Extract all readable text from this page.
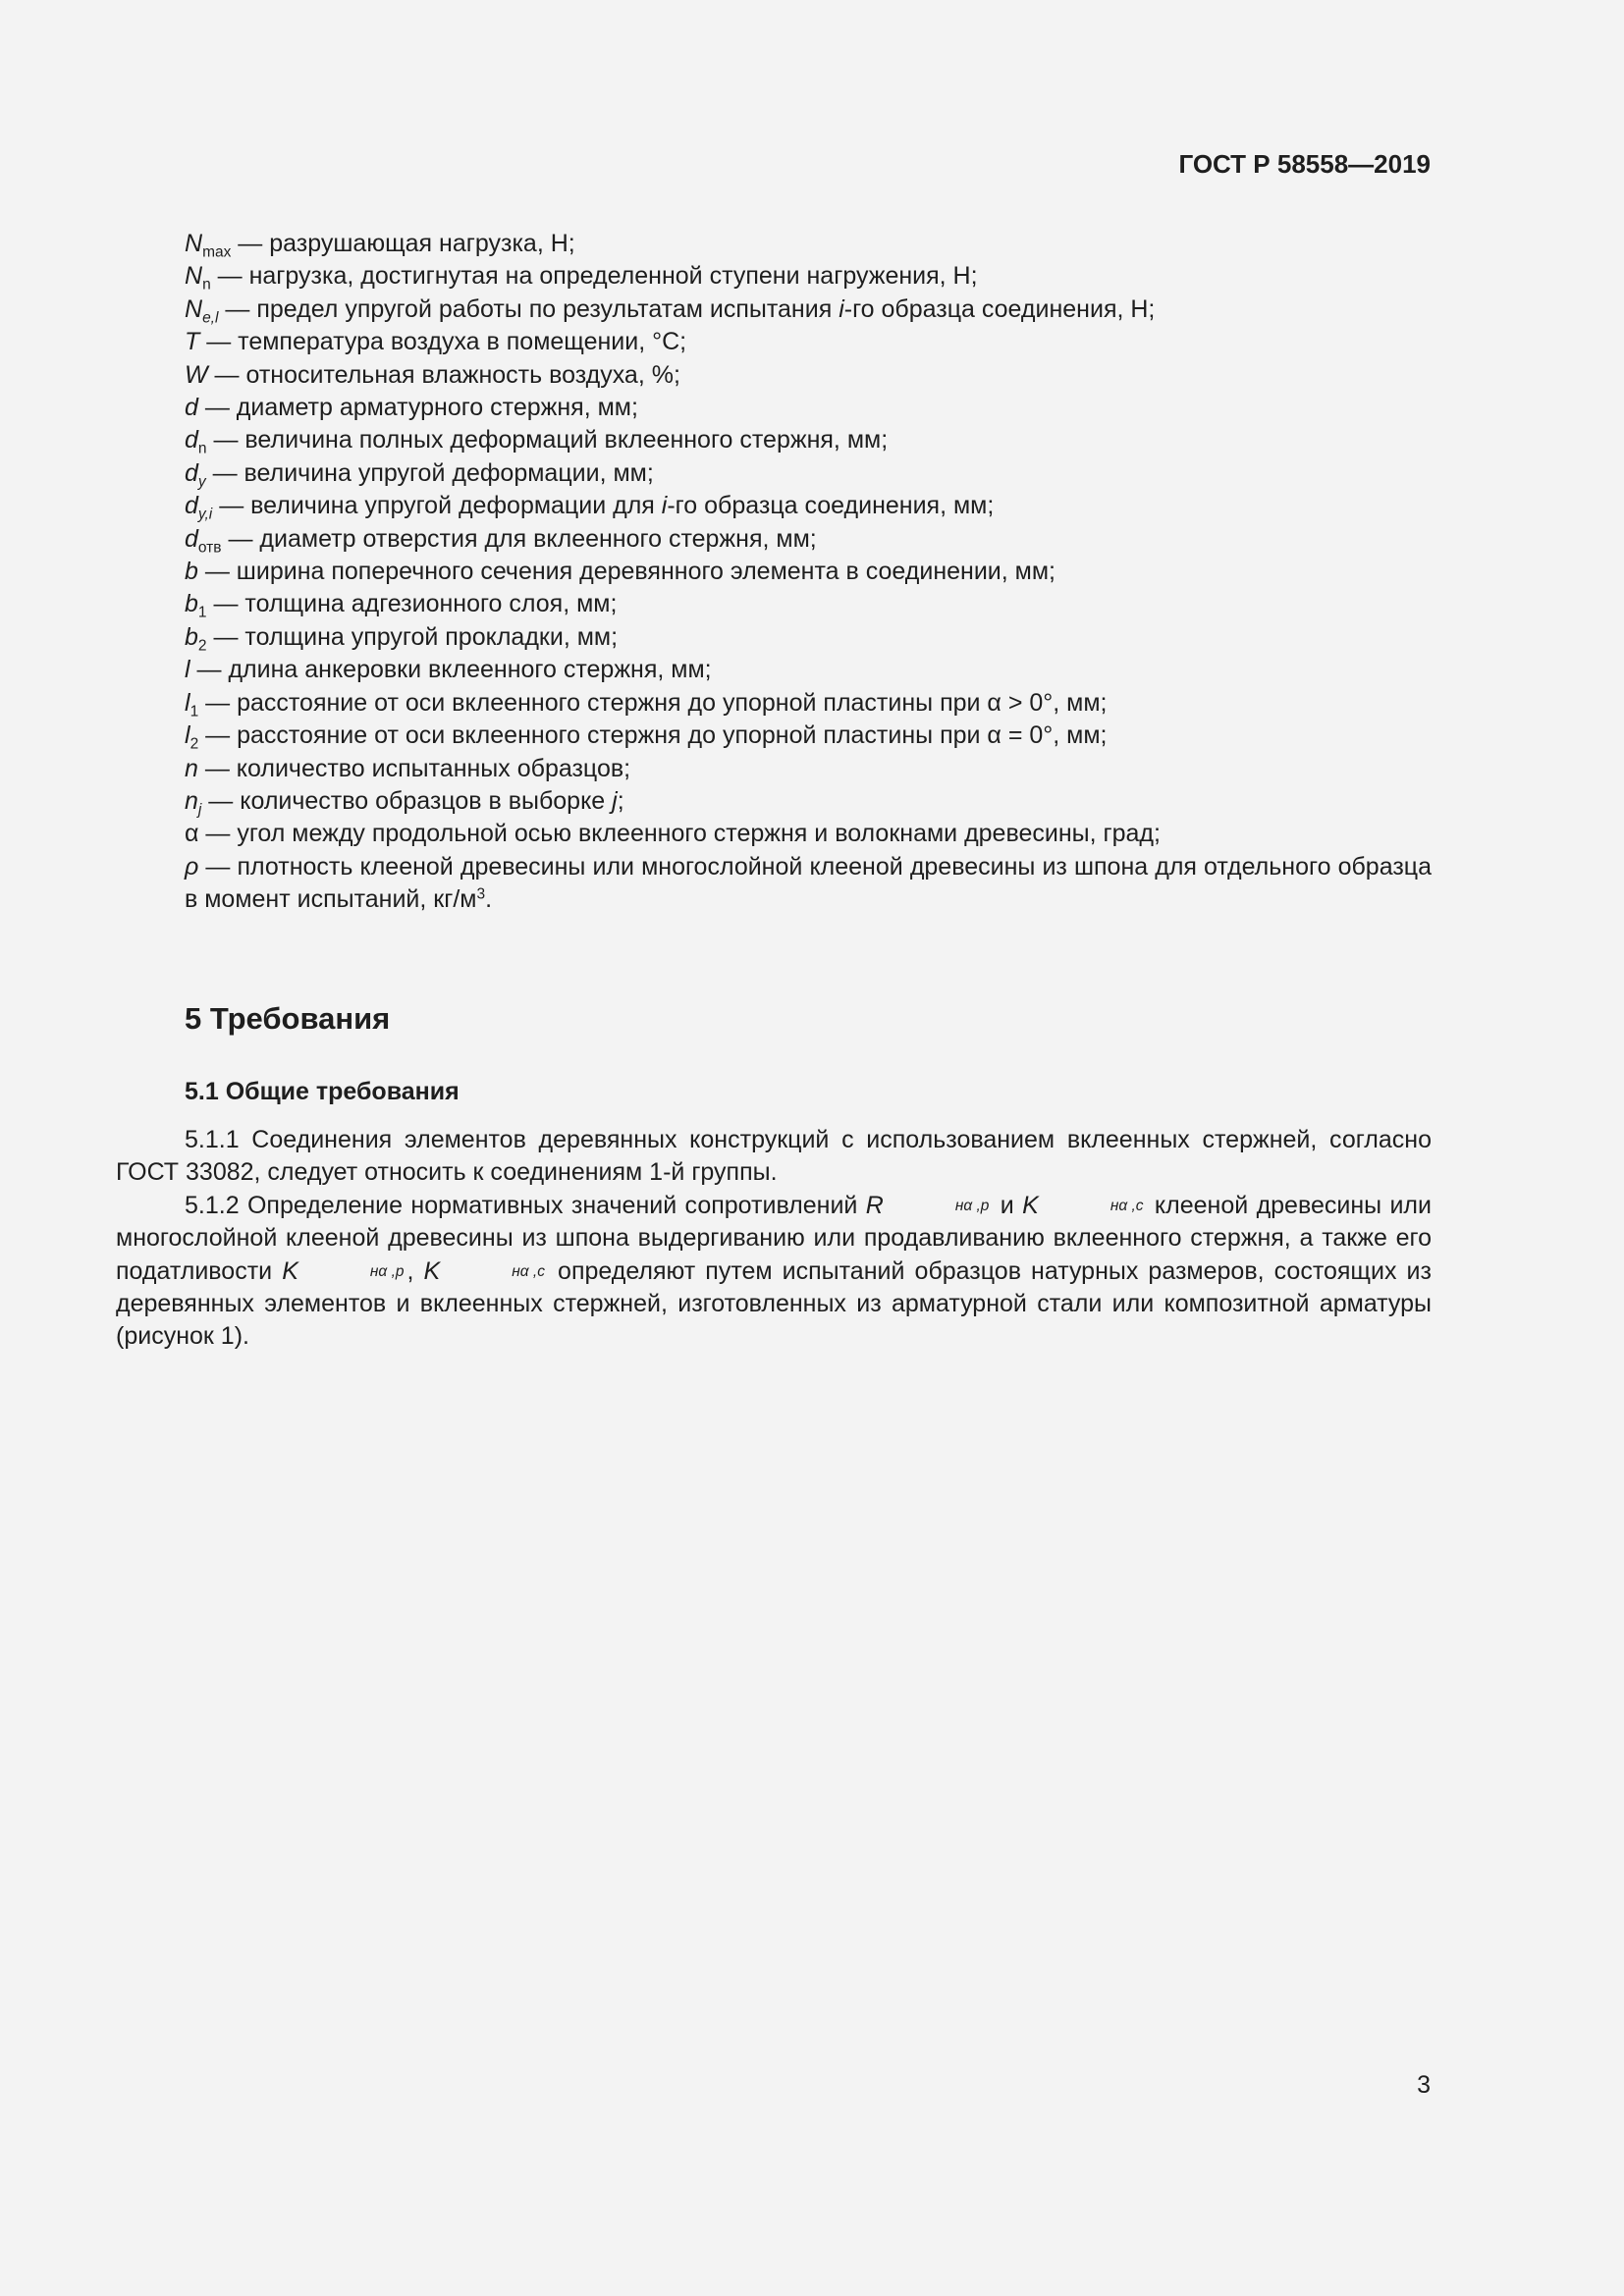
ГОСТ Р 58558—2019
$N_{max}$ — разрушающая нагрузка, Н;
$N_n$ — нагрузка, достигнутая на определенной ступени нагружения, Н;
$N_{e,l}$ — предел упругой работы по результатам испытания i-го образца соединения, Н;
T — температура воздуха в помещении, °С;
W — относительная влажность воздуха, %;
d — диаметр арматурного стержня, мм;
$d_n$ — величина полных деформаций вклеенного стержня, мм;
$d_y$ — величина упругой деформации, мм;
$d_{y,i}$ — величина упругой деформации для i-го образца соединения, мм;
$d_{отв}$ — диаметр отверстия для вклеенного стержня, мм;
b — ширина поперечного сечения деревянного элемента в соединении, мм;
$b_1$ — толщина адгезионного слоя, мм;
$b_2$ — толщина упругой прокладки, мм;
l — длина анкеровки вклеенного стержня, мм;
$l_1$ — расстояние от оси вклеенного стержня до упорной пластины при α > 0°, мм;
$l_2$ — расстояние от оси вклеенного стержня до упорной пластины при α = 0°, мм;
n — количество испытанных образцов;
$n_j$ — количество образцов в выборке j;
α — угол между продольной осью вклеенного стержня и волокнами древесины, град;
ρ — плотность клееной древесины или многослойной клееной древесины из шпона для отдельного образца в момент испытаний, $кг/м^3$.
5 Требования
5.1 Общие требования

5.1.1 Соединения элементов деревянных конструкций с использованием вклеенных стержней, согласно ГОСТ 33082, следует относить к соединениям 1-й группы.

5.1.2 Определение нормативных значений сопротивлений R	нα ,p и K	нα ,c клееной древесины или многослойной клееной древесины из шпона выдергиванию или продавливанию вклеенного стержня, а также его податливости K	нα ,p , K	нα ,c определяют путем испытаний образцов натурных размеров, состоящих из деревянных элементов и вклеенных стержней, изготовленных из арматурной стали или композитной арматуры (рисунок 1).

3
